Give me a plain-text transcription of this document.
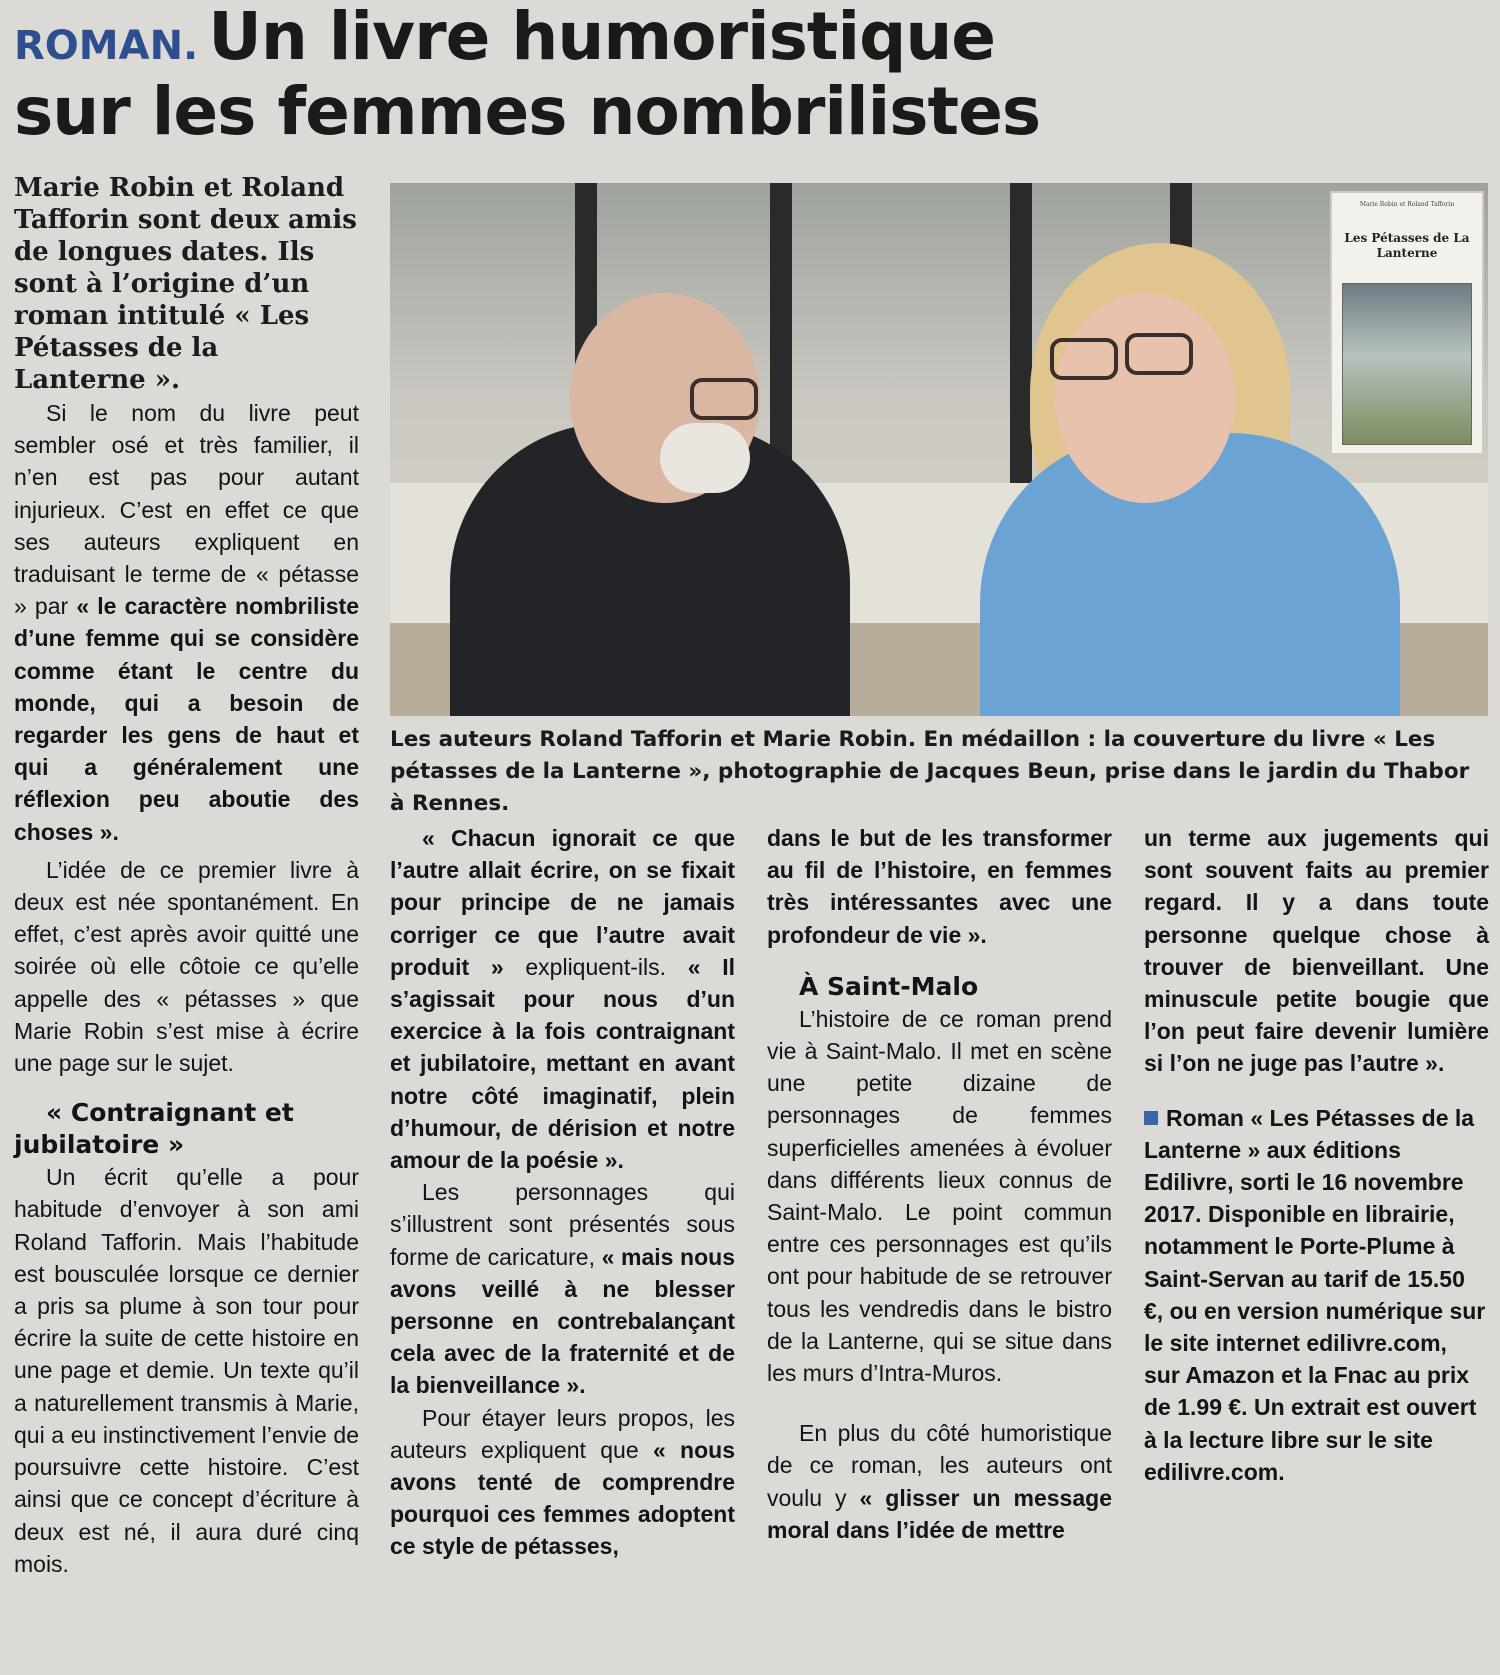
ROMAN. Un livre humoristique
sur les femmes nombrilistes
Marie Robin et Roland Tafforin sont deux amis de longues dates. Ils sont à l’origine d’un roman intitulé « Les Pétasses de la Lanterne ».
Marie Robin et Roland Tafforin
Les Pétasses de La Lanterne
Les auteurs Roland Tafforin et Marie Robin. En médaillon : la couverture du livre « Les pétasses de la Lanterne », photographie de Jacques Beun, prise dans le jardin du Thabor à Rennes.

Si le nom du livre peut sembler osé et très familier, il n’en est pas pour autant injurieux. C’est en effet ce que ses auteurs expliquent en traduisant le terme de « pétasse » par « le caractère nombriliste d’une femme qui se considère comme étant le centre du monde, qui a besoin de regarder les gens de haut et qui a généralement une réflexion peu aboutie des choses ».

L’idée de ce premier livre à deux est née spontanément. En effet, c’est après avoir quitté une soirée où elle côtoie ce qu’elle appelle des « pétasses » que Marie Robin s’est mise à écrire une page sur le sujet.

« Contraignant et jubilatoire »

Un écrit qu’elle a pour habitude d’envoyer à son ami Roland Tafforin. Mais l’habitude est bousculée lorsque ce dernier a pris sa plume à son tour pour écrire la suite de cette histoire en une page et demie. Un texte qu’il a naturellement transmis à Marie, qui a eu instinctivement l’envie de poursuivre cette histoire. C’est ainsi que ce concept d’écriture à deux est né, il aura duré cinq mois.

« Chacun ignorait ce que l’autre allait écrire, on se fixait pour principe de ne jamais corriger ce que l’autre avait produit » expliquent-ils. « Il s’agissait pour nous d’un exercice à la fois contraignant et jubilatoire, mettant en avant notre côté imaginatif, plein d’humour, de dérision et notre amour de la poésie ».

Les personnages qui s’illustrent sont présentés sous forme de caricature, « mais nous avons veillé à ne blesser personne en contrebalançant cela avec de la fraternité et de la bienveillance ».

Pour étayer leurs propos, les auteurs expliquent que « nous avons tenté de comprendre pourquoi ces femmes adoptent ce style de pétasses,

dans le but de les transformer au fil de l’histoire, en femmes très intéressantes avec une profondeur de vie ».

À Saint-Malo

L’histoire de ce roman prend vie à Saint-Malo. Il met en scène une petite dizaine de personnages de femmes superficielles amenées à évoluer dans différents lieux connus de Saint-Malo. Le point commun entre ces personnages est qu’ils ont pour habitude de se retrouver tous les vendredis dans le bistro de la Lanterne, qui se situe dans les murs d’Intra-Muros.

En plus du côté humoristique de ce roman, les auteurs ont voulu y « glisser un message moral dans l’idée de mettre

un terme aux jugements qui sont souvent faits au premier regard. Il y a dans toute personne quelque chose à trouver de bienveillant. Une minuscule petite bougie que l’on peut faire devenir lumière si l’on ne juge pas l’autre ».

Roman « Les Pétasses de la Lanterne » aux éditions Edilivre, sorti le 16 novembre 2017. Disponible en librairie, notamment le Porte-Plume à Saint-Servan au tarif de 15.50 €, ou en version numérique sur le site internet edilivre.com, sur Amazon et la Fnac au prix de 1.99 €. Un extrait est ouvert à la lecture libre sur le site edilivre.com.
